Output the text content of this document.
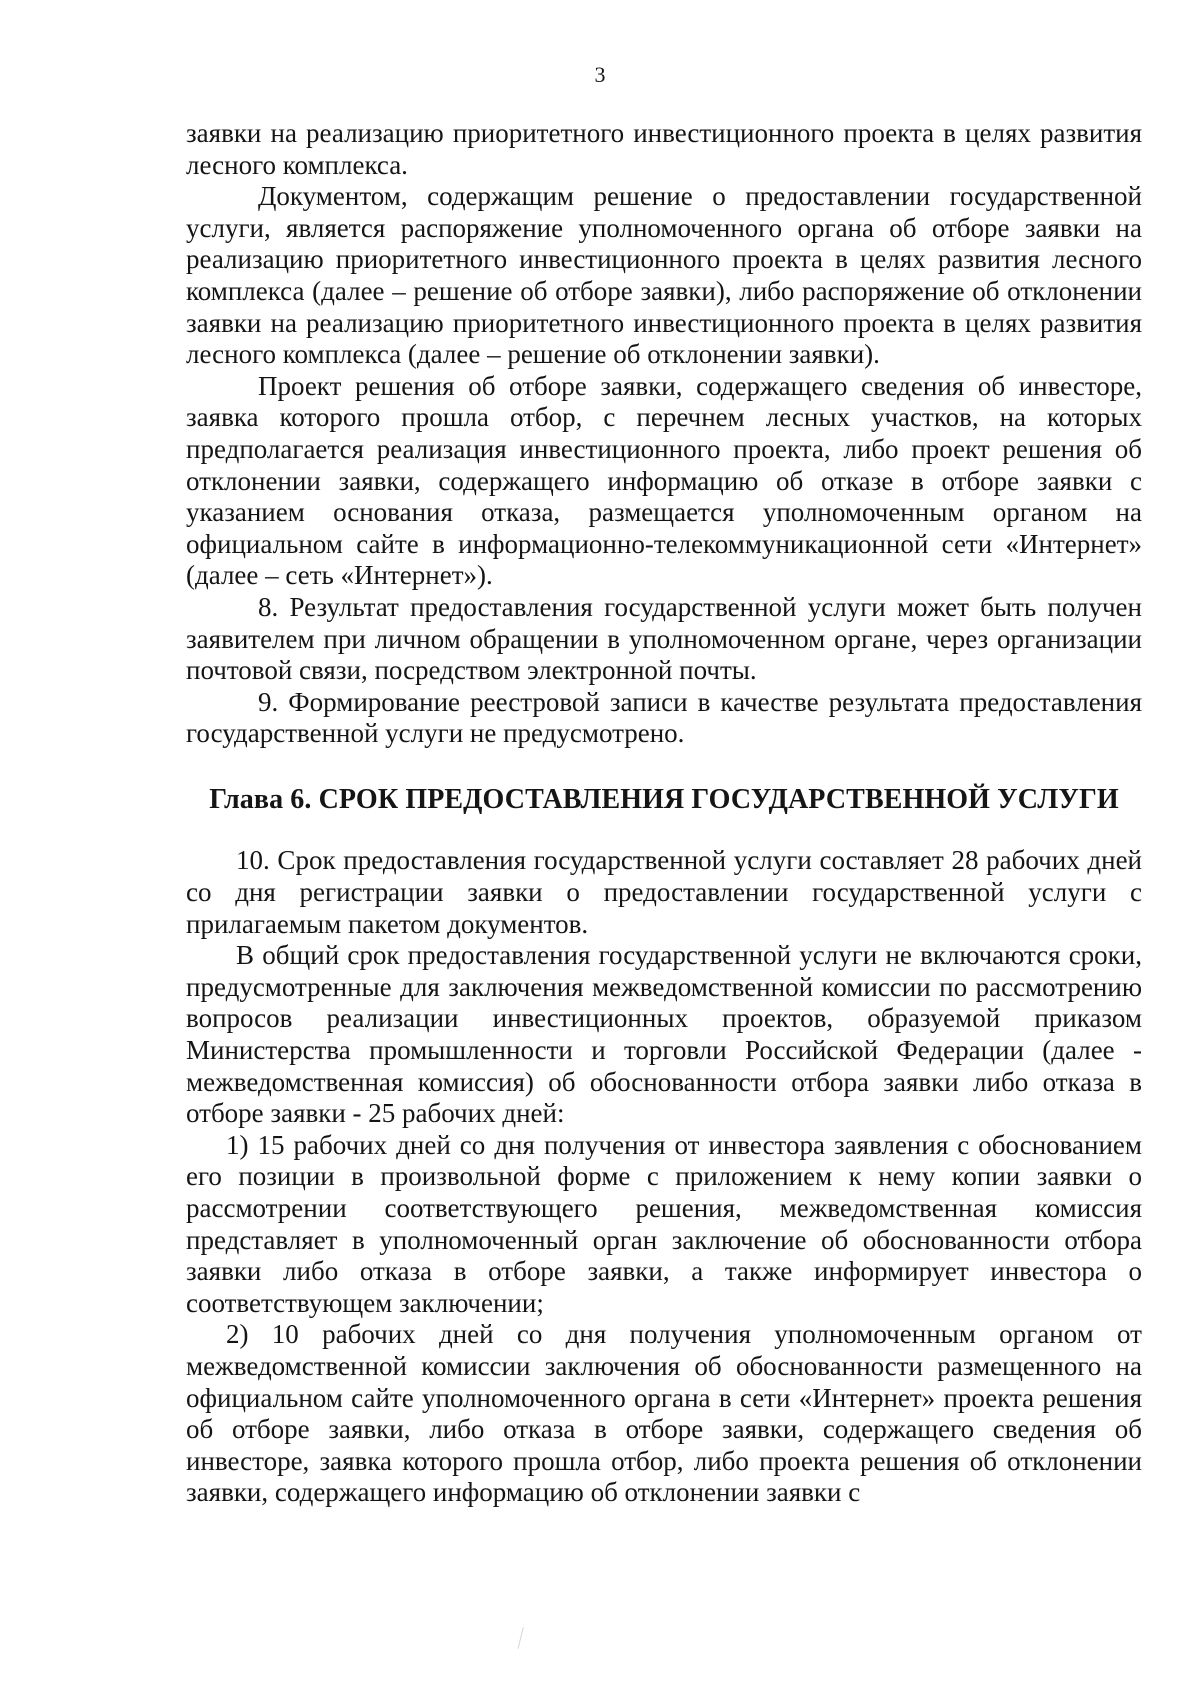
3

заявки на реализацию приоритетного инвестиционного проекта в целях развития лесного комплекса.

Документом, содержащим решение о предоставлении государственной услуги, является распоряжение уполномоченного органа об отборе заявки на реализацию приоритетного инвестиционного проекта в целях развития лесного комплекса (далее – решение об отборе заявки), либо распоряжение об отклонении заявки на реализацию приоритетного инвестиционного проекта в целях развития лесного комплекса (далее – решение об отклонении заявки).

Проект решения об отборе заявки, содержащего сведения об инвесторе, заявка которого прошла отбор, с перечнем лесных участков, на которых предполагается реализация инвестиционного проекта, либо проект решения об отклонении заявки, содержащего информацию об отказе в отборе заявки с указанием основания отказа, размещается уполномоченным органом на официальном сайте в информационно-телекоммуникационной сети «Интернет» (далее – сеть «Интернет»).

8. Результат предоставления государственной услуги может быть получен заявителем при личном обращении в уполномоченном органе, через организации почтовой связи, посредством электронной почты.

9. Формирование реестровой записи в качестве результата предоставления государственной услуги не предусмотрено.

Глава 6. СРОК ПРЕДОСТАВЛЕНИЯ ГОСУДАРСТВЕННОЙ УСЛУГИ

10. Срок предоставления государственной услуги составляет 28 рабочих дней со дня регистрации заявки о предоставлении государственной услуги с прилагаемым пакетом документов.

В общий срок предоставления государственной услуги не включаются сроки, предусмотренные для заключения межведомственной комиссии по рассмотрению вопросов реализации инвестиционных проектов, образуемой приказом Министерства промышленности и торговли Российской Федерации (далее - межведомственная комиссия) об обоснованности отбора заявки либо отказа в отборе заявки - 25 рабочих дней:

1) 15 рабочих дней со дня получения от инвестора заявления с обоснованием его позиции в произвольной форме с приложением к нему копии заявки о рассмотрении соответствующего решения, межведомственная комиссия представляет в уполномоченный орган заключение об обоснованности отбора заявки либо отказа в отборе заявки, а также информирует инвестора о соответствующем заключении;

2) 10 рабочих дней со дня получения уполномоченным органом от межведомственной комиссии заключения об обоснованности размещенного на официальном сайте уполномоченного органа в сети «Интернет» проекта решения об отборе заявки, либо отказа в отборе заявки, содержащего сведения об инвесторе, заявка которого прошла отбор, либо проекта решения об отклонении заявки, содержащего информацию об отклонении заявки с
